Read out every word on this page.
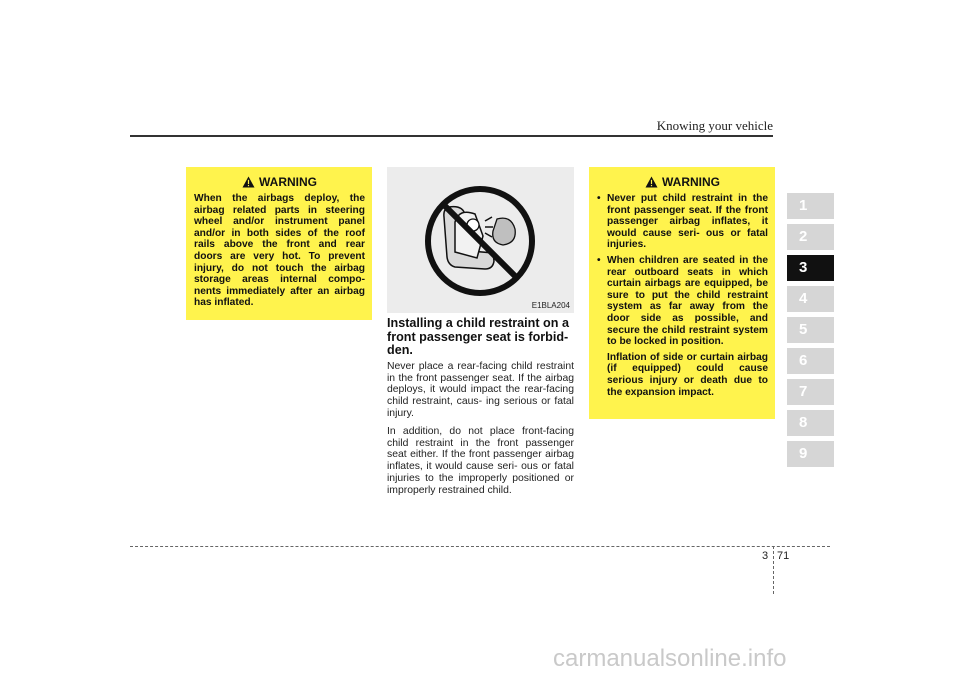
Knowing your vehicle
WARNING
When the airbags deploy, the airbag related parts in steering wheel and/or instrument panel and/or in both sides of the roof rails above the front and rear doors are very hot. To prevent injury, do not touch the airbag storage areas internal compo- nents immediately after an airbag has inflated.	E1BLA204
Installing a child restraint on a front passenger seat is forbid- den.

Never place a rear-facing child restraint in the front passenger seat. If the airbag deploys, it would impact the rear-facing child restraint, caus- ing serious or fatal injury.

In addition, do not place front-facing child restraint in the front passenger seat either. If the front passenger airbag inflates, it would cause seri- ous or fatal injuries to the improperly positioned or improperly restrained child.

WARNING
• Never put child restraint in the front passenger seat. If the front passenger airbag inflates, it would cause seri- ous or fatal injuries.

• When children are seated in the rear outboard seats in which curtain airbags are equipped, be sure to put the child restraint system as far away from the door side as possible, and secure the child restraint system to be locked in position.

Inflation of side or curtain airbag (if equipped) could cause serious injury or death due to the expansion impact.

1
2
3
4
5
6
7
8
9
3 71
carmanualsonline.info
